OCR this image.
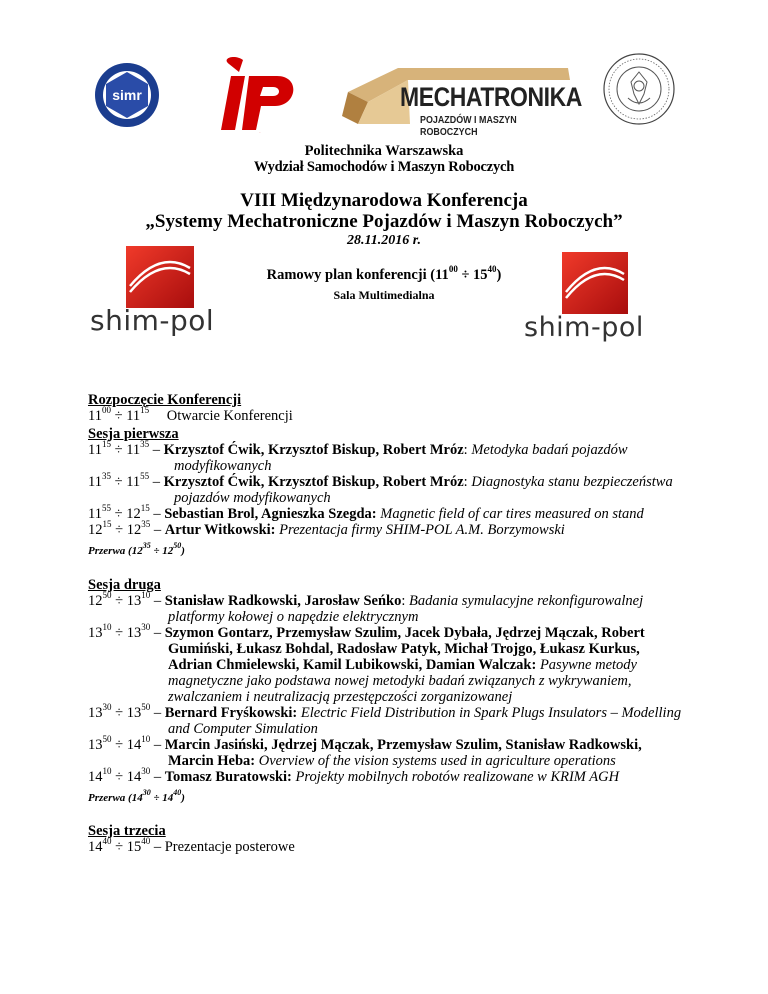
simr
IP
MECHATRONIKA
POJAZDÓW I MASZYN ROBOCZYCH
Politechnika Warszawska
Wydział Samochodów i Maszyn Roboczych
VIII Międzynarodowa Konferencja
„Systemy Mechatroniczne Pojazdów i Maszyn Roboczych”
28.11.2016 r.
shim-pol	shim-pol
Ramowy plan konferencji $(11^{00} \div 15^{40})$
Sala Multimedialna
Rozpoczęcie Konferencji
$11^{00} \div 11^{15}$ Otwarcie Konferencji
Sesja pierwsza
$11^{15} \div 11^{35}$ – Krzysztof Ćwik, Krzysztof Biskup, Robert Mróz: Metodyka badań pojazdów
modyfikowanych
$11^{35} \div 11^{55}$ – Krzysztof Ćwik, Krzysztof Biskup, Robert Mróz: Diagnostyka stanu bezpieczeństwa
pojazdów modyfikowanych
$11^{55} \div 12^{15}$ – Sebastian Brol, Agnieszka Szegda: Magnetic field of car tires measured on stand
$12^{15} \div 12^{35}$ – Artur Witkowski: Prezentacja firmy SHIM-POL A.M. Borzymowski
Przerwa $(12^{35} \div 12^{50})$
Sesja druga
$12^{50} \div 13^{10}$ – Stanisław Radkowski, Jarosław Seńko: Badania symulacyjne rekonfigurowalnej
platformy kołowej o napędzie elektrycznym
$13^{10} \div 13^{30}$ – Szymon Gontarz, Przemysław Szulim, Jacek Dybała, Jędrzej Mączak, Robert
Gumiński, Łukasz Bohdal, Radosław Patyk, Michał Trojgo, Łukasz Kurkus,
Adrian Chmielewski, Kamil Lubikowski, Damian Walczak: Pasywne metody
magnetyczne jako podstawa nowej metodyki badań związanych z wykrywaniem,
zwalczaniem i neutralizacją przestępczości zorganizowanej
$13^{30} \div 13^{50}$ – Bernard Fryśkowski: Electric Field Distribution in Spark Plugs Insulators – Modelling
and Computer Simulation
$13^{50} \div 14^{10}$ – Marcin Jasiński, Jędrzej Mączak, Przemysław Szulim, Stanisław Radkowski,
Marcin Heba: Overview of the vision systems used in agriculture operations
$14^{10} \div 14^{30}$ – Tomasz Buratowski: Projekty mobilnych robotów realizowane w KRIM AGH
Przerwa $(14^{30} \div 14^{40})$
Sesja trzecia
$14^{40} \div 15^{40}$ – Prezentacje posterowe
